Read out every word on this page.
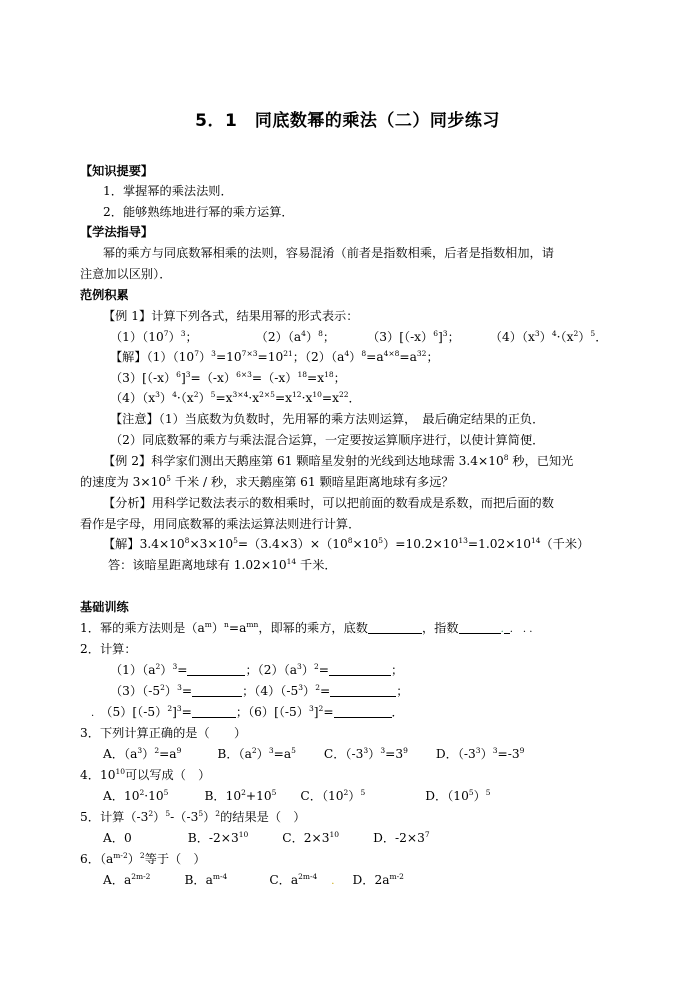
5．1　同底数幂的乘法（二）同步练习
【知识提要】
1．掌握幂的乘法法则．
2．能够熟练地进行幂的乘方运算．
【学法指导】
幂的乘方与同底数幂相乘的法则，容易混淆（前者是指数相乘，后者是指数相加，请
注意加以区别）．
范例积累
【例 1】计算下列各式，结果用幂的形式表示：
$(1)(10^7)^3$；	$(2)(a^4)^8$；	$(3)[(-x)^6]^3$； $(4)(x^3)^4\cdot(x^2)^5$．
【解】$(1)(10^7)^3=10^{7\times 3}=10^{21}$；$(2)(a^4)^8=a^{4\times 8}=a^{32}$；
$(3)[(-x)^6]^3=(-x)^{6\times 3}=(-x)^{18}=x^{18}$；
$(4)(x^3)^4\cdot(x^2)^5=x^{3\times 4}\cdot x^{2\times 5}=x^{12}\cdot x^{10}=x^{22}$．
【注意】（1）当底数为负数时，先用幂的乘方法则运算，　最后确定结果的正负．
（2）同底数幂的乘方与乘法混合运算，一定要按运算顺序进行，以使计算简便．
【例 2】科学家们测出天鹅座第 61 颗暗星发射的光线到达地球需 $3.4\times 10^8$ 秒，已知光
的速度为 $3\times 10^5$ 千米 / 秒，求天鹅座第 61 颗暗星距离地球有多远？
【分析】用科学记数法表示的数相乘时，可以把前面的数看成是系数，而把后面的数
看作是字母，用同底数幂的乘法运算法则进行计算．
【解】$3.4\times 10^8\times 3\times 10^5=(3.4\times 3)\times(10^8\times 10^5)=10.2\times 10^{13}=1.02\times 10^{14}$（千米）
答：该暗星距离地球有 $1.02\times 10^{14}$ 千米．
基础训练
1．幂的乘方法则是$(a^m)^n=a^{mn}$，即幂的乘方，底数	，指数	. .　. .
2．计算：
$(1)(a^2)^3=$	；$(2)(a^3)^2=$	；
$(3)(-5^2)^3=$	；$(4)(-5^3)^2=$	；
.　$(5)[(-5)^2]^3=$	；$(6)[(-5)^3]^2=$	．
3．下列计算正确的是（　　）
A．$(a^3)^2=a^9$	B．$(a^2)^3=a^5$ C．$(-3^3)^3=3^9$ D．$(-3^3)^3=-3^9$
4．$10^{10}$可以写成（　）
A．$10^2\cdot 10^5$	B．$10^2+10^5$ C．$(10^2)^5$	D．$(10^5)^5$
5．计算$(-3^2)^5-(-3^5)^2$的结果是（　）
A．0	B．$-2\times 3^{10}$	C．$2\times 3^{10}$	D．$-2\times 3^7$
6．$(a^{m-2})^2$等于（　）
A．$a^{2m-2}$	B．$a^{m-4}$	C．$a^{2m-4}$ . D．$2a^{m-2}$
